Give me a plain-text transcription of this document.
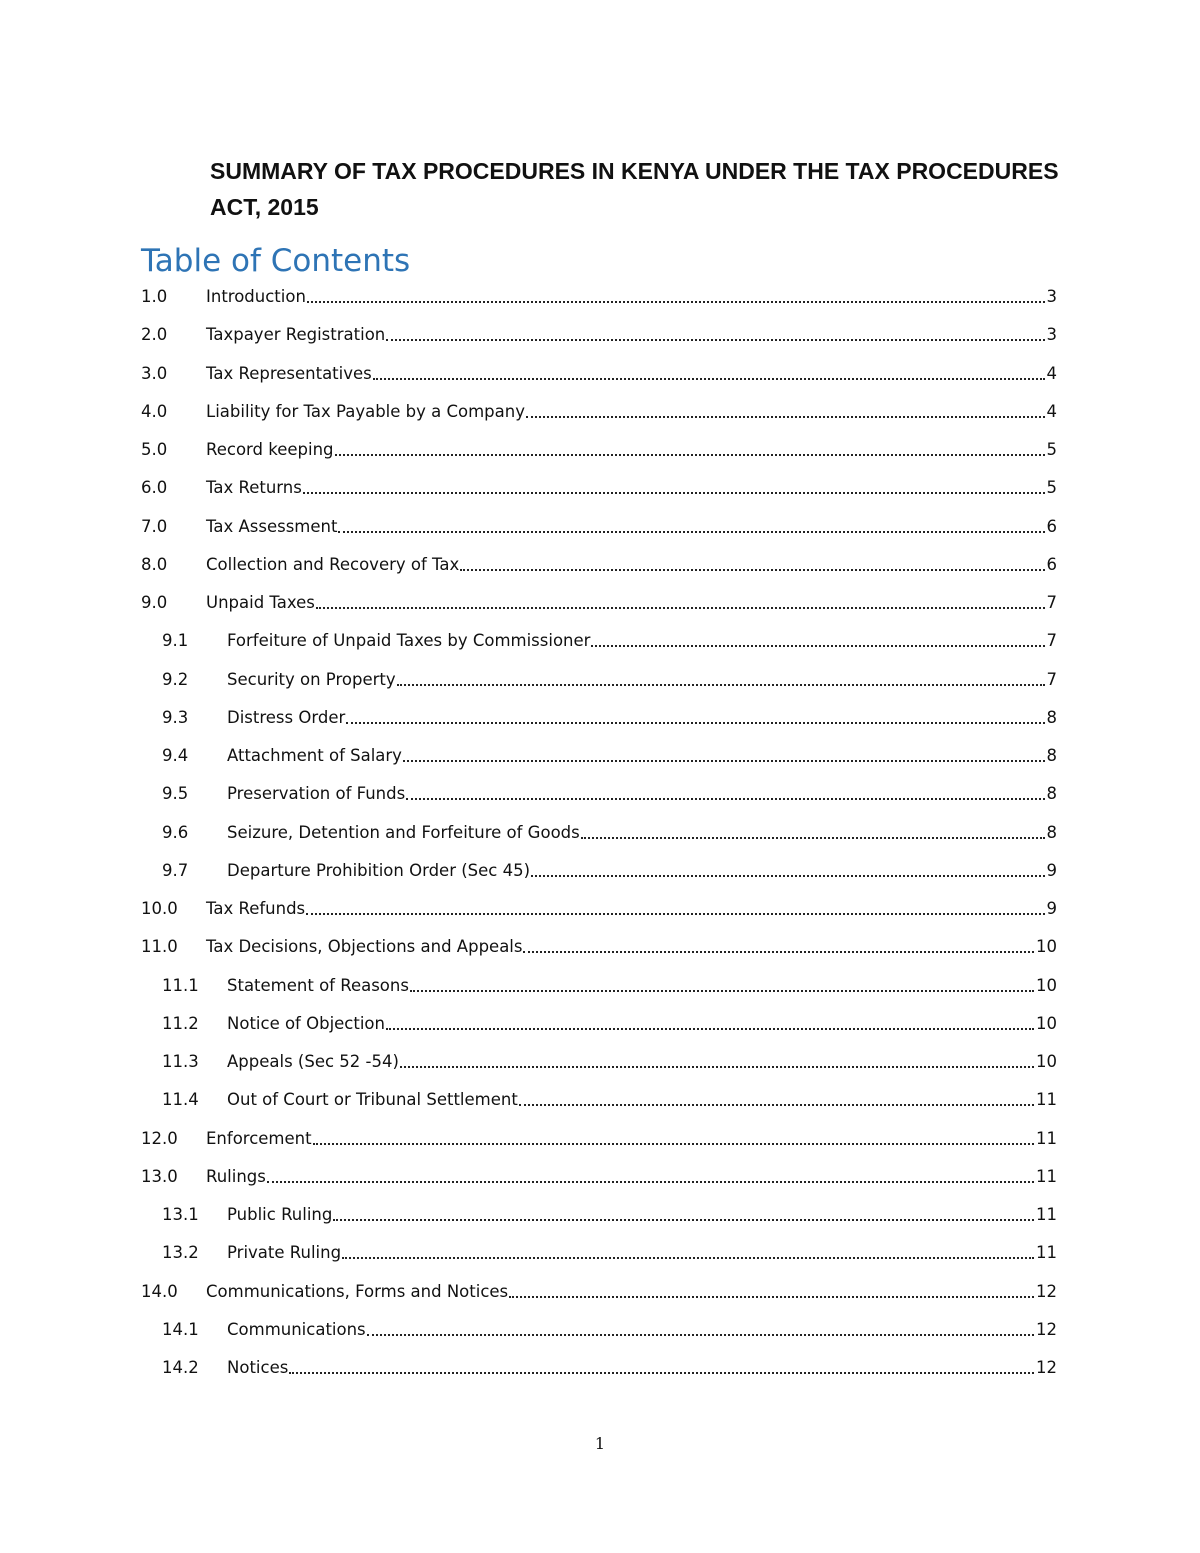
SUMMARY OF TAX PROCEDURES IN KENYA UNDER THE TAX PROCEDURES ACT, 2015
Table of Contents
1.0	Introduction	3
2.0	Taxpayer Registration	3
3.0	Tax Representatives	4
4.0	Liability for Tax Payable by a Company	4
5.0	Record keeping	5
6.0	Tax Returns	5
7.0	Tax Assessment	6
8.0	Collection and Recovery of Tax	6
9.0	Unpaid Taxes	7
9.1	Forfeiture of Unpaid Taxes by Commissioner	7
9.2	Security on Property	7
9.3	Distress Order	8
9.4	Attachment of Salary	8
9.5	Preservation of Funds	8
9.6	Seizure, Detention and Forfeiture of Goods	8
9.7	Departure Prohibition Order (Sec 45)	9
10.0	Tax Refunds	9
11.0	Tax Decisions, Objections and Appeals	10
11.1	Statement of Reasons	10
11.2	Notice of Objection	10
11.3	Appeals (Sec 52 -54)	10
11.4	Out of Court or Tribunal Settlement	11
12.0	Enforcement	11
13.0	Rulings	11
13.1	Public Ruling	11
13.2	Private Ruling	11
14.0	Communications, Forms and Notices	12
14.1	Communications	12
14.2	Notices	12
1
